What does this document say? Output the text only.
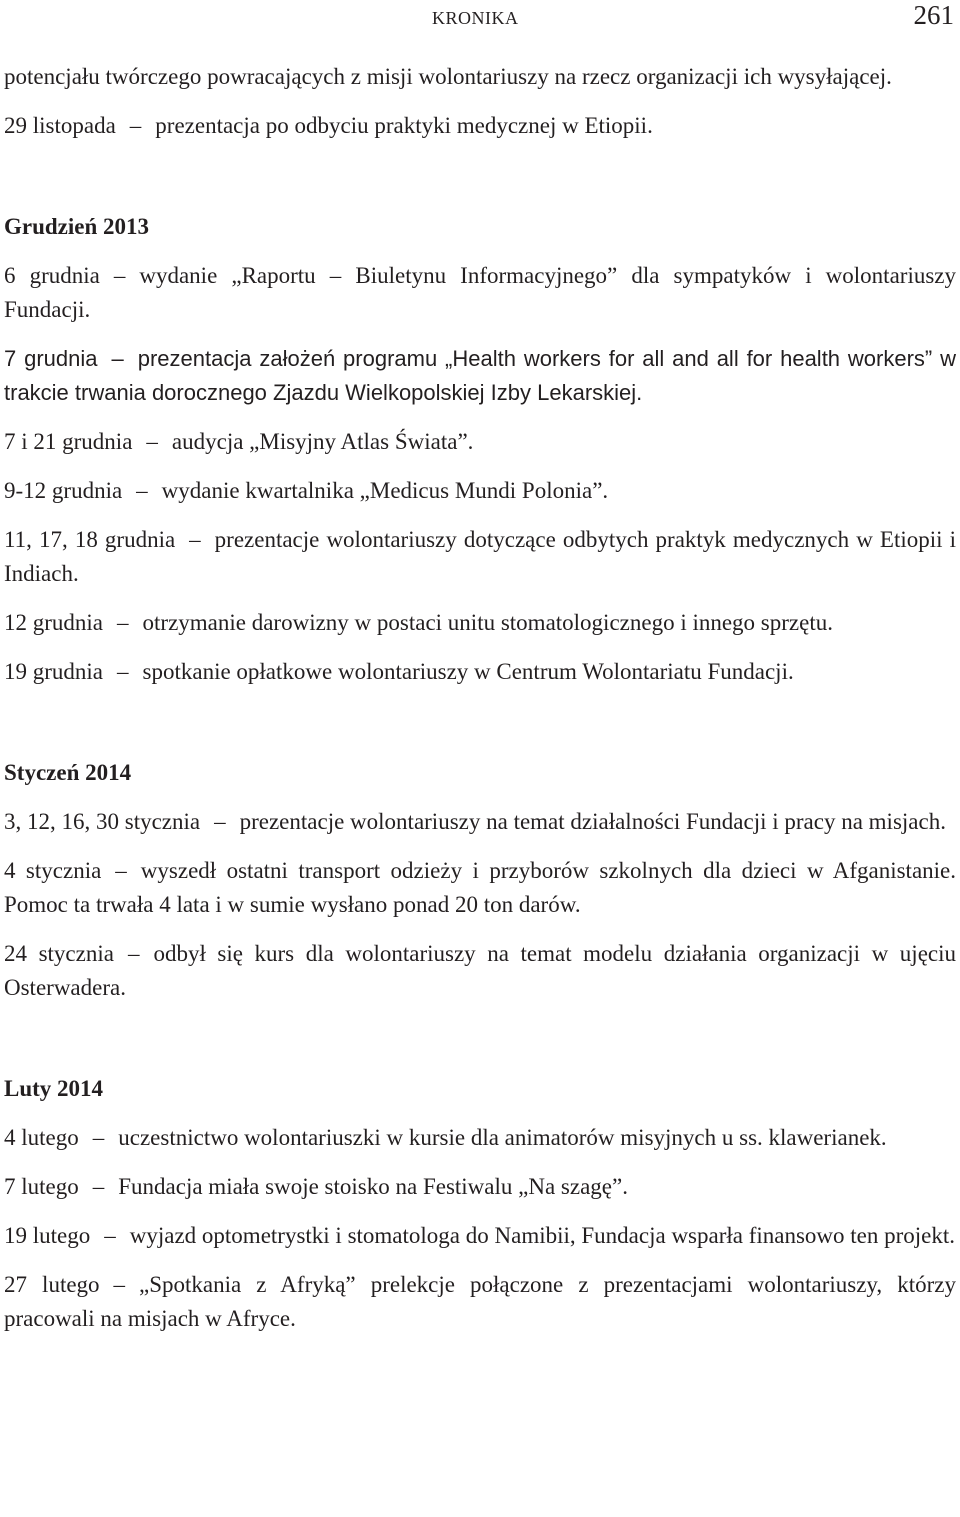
KRONIKA	261

potencjału twórczego powracających z misji wolontariuszy na rzecz organizacji ich wysyłającej.

29 listopada – prezentacja po odbyciu praktyki medycznej w Etiopii.

Grudzień 2013

6 grudnia – wydanie „Raportu – Biuletynu Informacyjnego” dla sympatyków i wolontariuszy Fundacji.

7 grudnia – prezentacja założeń programu „Health workers for all and all for health workers” w trakcie trwania dorocznego Zjazdu Wielkopolskiej Izby Lekarskiej.

7 i 21 grudnia – audycja „Misyjny Atlas Świata”.

9-12 grudnia – wydanie kwartalnika „Medicus Mundi Polonia”.

11, 17, 18 grudnia – prezentacje wolontariuszy dotyczące odbytych praktyk medycznych w Etiopii i Indiach.

12 grudnia – otrzymanie darowizny w postaci unitu stomatologicznego i innego sprzętu.

19 grudnia – spotkanie opłatkowe wolontariuszy w Centrum Wolontariatu Fundacji.

Styczeń 2014

3, 12, 16, 30 stycznia – prezentacje wolontariuszy na temat działalności Fundacji i pracy na misjach.

4 stycznia – wyszedł ostatni transport odzieży i przyborów szkolnych dla dzieci w Afganistanie. Pomoc ta trwała 4 lata i w sumie wysłano ponad 20 ton darów.

24 stycznia – odbył się kurs dla wolontariuszy na temat modelu działania organizacji w ujęciu Osterwadera.

Luty 2014

4 lutego – uczestnictwo wolontariuszki w kursie dla animatorów misyjnych u ss. klawerianek.

7 lutego – Fundacja miała swoje stoisko na Festiwalu „Na szagę”.

19 lutego – wyjazd optometrystki i stomatologa do Namibii, Fundacja wsparła finansowo ten projekt.

27 lutego – „Spotkania z Afryką” prelekcje połączone z prezentacjami wolontariuszy, którzy pracowali na misjach w Afryce.
